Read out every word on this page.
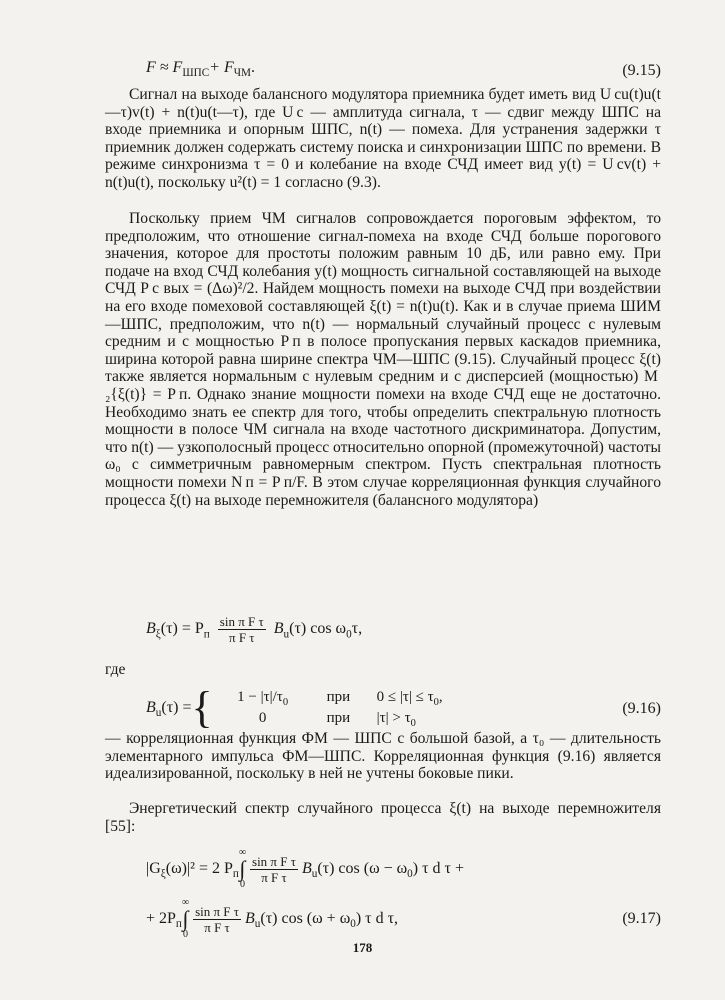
$F \approx F_{ШПС}+ F_{ЧМ}$.	(9.15)
Сигнал на выходе балансного модулятора приемника будет иметь вид U cu(t)u(t—τ)v(t) + n(t)u(t—τ), где U c — амплитуда сигнала, τ — сдвиг между ШПС на входе приемника и опорным ШПС, n(t) — помеха. Для устранения задержки τ приемник должен содержать систему поиска и синхронизации ШПС по времени. В режиме синхронизма τ = 0 и колебание на входе СЧД имеет вид y(t) = U cv(t) + n(t)u(t), поскольку u²(t) = 1 согласно (9.3).
Поскольку прием ЧМ сигналов сопровождается пороговым эффектом, то предположим, что отношение сигнал-помеха на входе СЧД больше порогового значения, которое для простоты положим равным 10 дБ, или равно ему. При подаче на вход СЧД колебания y(t) мощность сигнальной составляющей на выходе СЧД P с вых = (Δω)²/2. Найдем мощность помехи на выходе СЧД при воздействии на его входе помеховой составляющей ξ(t) = n(t)u(t). Как и в случае приема ШИМ—ШПС, предположим, что n(t) — нормальный случайный процесс с нулевым средним и с мощностью P п в полосе пропускания первых каскадов приемника, ширина которой равна ширине спектра ЧМ—ШПС (9.15). Случайный процесс ξ(t) также является нормальным с нулевым средним и с дисперсией (мощностью) M ₂{ξ(t)} = P п. Однако знание мощности помехи на входе СЧД еще не достаточно. Необходимо знать ее спектр для того, чтобы определить спектральную плотность мощности в полосе ЧМ сигнала на входе частотного дискриминатора. Допустим, что n(t) — узкополосный процесс относительно опорной (промежуточной) частоты ω₀ с симметричным равномерным спектром. Пусть спектральная плотность мощности помехи N п = P п/F. В этом случае корреляционная функция случайного процесса ξ(t) на выходе перемножителя (балансного модулятора)
$B_\xi(\tau) = P_п \frac{\text{sin π F τ}}{\text{π F τ}} B_u(\tau)$ $\cos \omega_0\tau$,
где
$B_u(\tau)$ = {	$1 - |\tau|/\tau_0$	при	$0 \le |\tau| \le \tau_0$,
0	при	$|\tau| > \tau_0$
(9.16)
— корреляционная функция ФМ — ШПС с большой базой, а τ₀ — длительность элементарного импульса ФМ—ШПС. Корреляционная функция (9.16) является идеализированной, поскольку в ней не учтены боковые пики.
Энергетический спектр случайного процесса ξ(t) на выходе перемножителя [55]:
$|G_\xi(\omega)|^2 = 2$ $P_п$
∞
∫
$0 \frac{\text{sin π F τ}}{\text{π F τ}} B_u(\tau)$ $\cos (\omega - \omega_0)$ τ d τ +
+ $2P_п$
∞
∫
$0 \frac{\text{sin π F τ}}{\text{π F τ}} B_u(\tau)$ $\cos (\omega + \omega_0)$ τ d τ,	(9.17)
178
